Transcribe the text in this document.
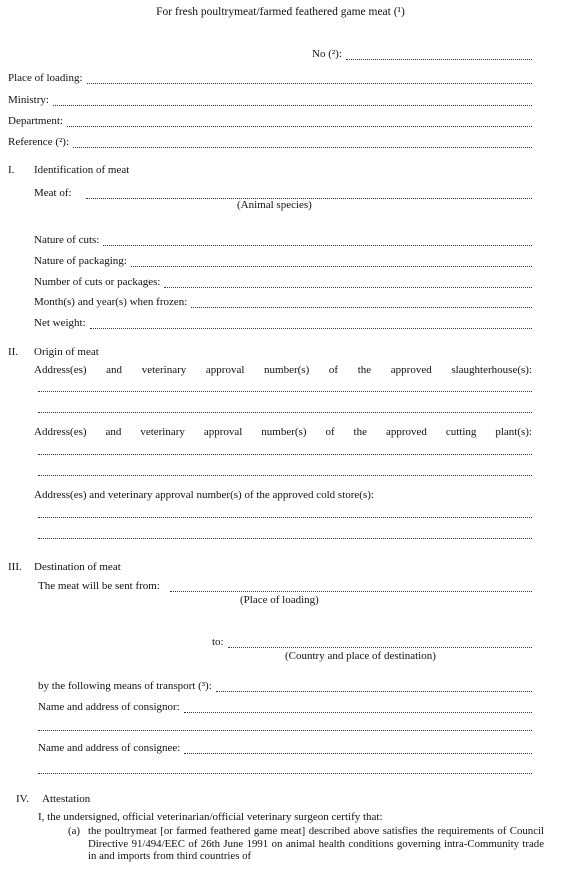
For fresh poultrymeat/farmed feathered game meat (¹)
No (²):
Place of loading:
Ministry:
Department:
Reference (²):
I. Identification of meat
Meat of:
(Animal species)
Nature of cuts:
Nature of packaging:
Number of cuts or packages:
Month(s) and year(s) when frozen:
Net weight:
II. Origin of meat
Address(es) and veterinary approval number(s) of the approved slaughterhouse(s):
Address(es) and veterinary approval number(s) of the approved cutting plant(s):
Address(es) and veterinary approval number(s) of the approved cold store(s):
III. Destination of meat
The meat will be sent from:
(Place of loading)
to:
(Country and place of destination)
by the following means of transport (³):
Name and address of consignor:
Name and address of consignee:
IV. Attestation
I, the undersigned, official veterinarian/official veterinary surgeon certify that:
(a) the poultrymeat [or farmed feathered game meat] described above satisfies the requirements of Council Directive 91/494/EEC of 26th June 1991 on animal health conditions governing intra-Community trade in and imports from third countries of
